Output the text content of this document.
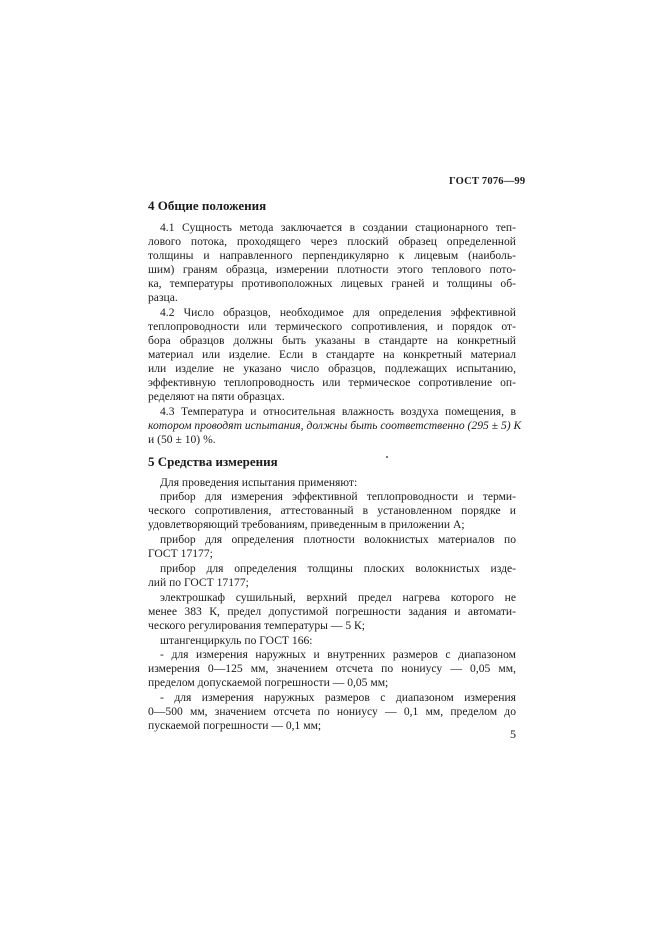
ГОСТ 7076—99

4 Общие положения

4.1 Сущность метода заключается в создании стационарного теп-

лового потока, проходящего через плоский образец определенной

толщины и направленного перпендикулярно к лицевым (наиболь-

шим) граням образца, измерении плотности этого теплового пото-

ка, температуры противоположных лицевых граней и толщины об-

разца.

4.2 Число образцов, необходимое для определения эффективной

теплопроводности или термического сопротивления, и порядок от-

бора образцов должны быть указаны в стандарте на конкретный

материал или изделие. Если в стандарте на конкретный материал

или изделие не указано число образцов, подлежащих испытанию,

эффективную теплопроводность или термическое сопротивление оп-

ределяют на пяти образцах.

4.3 Температура и относительная влажность воздуха помещения, в

котором проводят испытания, должны быть соответственно (295 ± 5) К

и (50 ± 10) %.

5 Средства измерения

Для проведения испытания применяют:

прибор для измерения эффективной теплопроводности и терми-

ческого сопротивления, аттестованный в установленном порядке и

удовлетворяющий требованиям, приведенным в приложении А;

прибор для определения плотности волокнистых материалов по

ГОСТ 17177;

прибор для определения толщины плоских волокнистых изде-

лий по ГОСТ 17177;

электрошкаф сушильный, верхний предел нагрева которого не

менее 383 К, предел допустимой погрешности задания и автомати-

ческого регулирования температуры — 5 К;

штангенциркуль по ГОСТ 166:

- для измерения наружных и внутренних размеров с диапазоном

измерения 0—125 мм, значением отсчета по нониусу — 0,05 мм,

пределом допускаемой погрешности — 0,05 мм;

- для измерения наружных размеров с диапазоном измерения

0—500 мм, значением отсчета по нониусу — 0,1 мм, пределом до

пускаемой погрешности — 0,1 мм;

5
